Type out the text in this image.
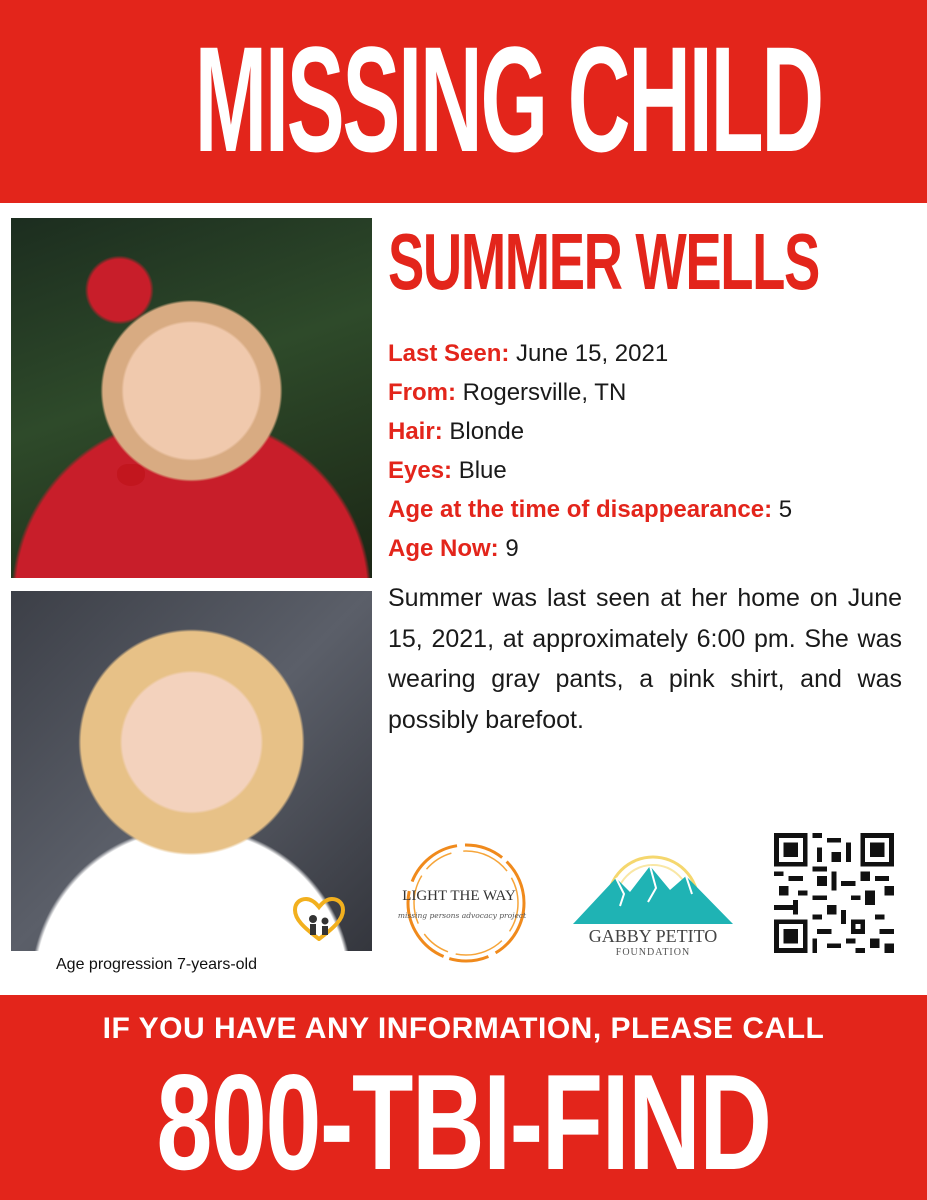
MISSING CHILD
Age progression 7-years-old
SUMMER WELLS
Last Seen: June 15, 2021
From: Rogersville, TN
Hair: Blonde
Eyes: Blue
Age at the time of disappearance: 5
Age Now: 9
Summer was last seen at her home on June 15, 2021, at approximately 6:00 pm. She was wearing gray pants, a pink shirt, and was possibly barefoot.
LIGHT THE WAY
missing persons advocacy project
GABBY PETITO
FOUNDATION
IF YOU HAVE ANY INFORMATION, PLEASE CALL
800-TBI-FIND
